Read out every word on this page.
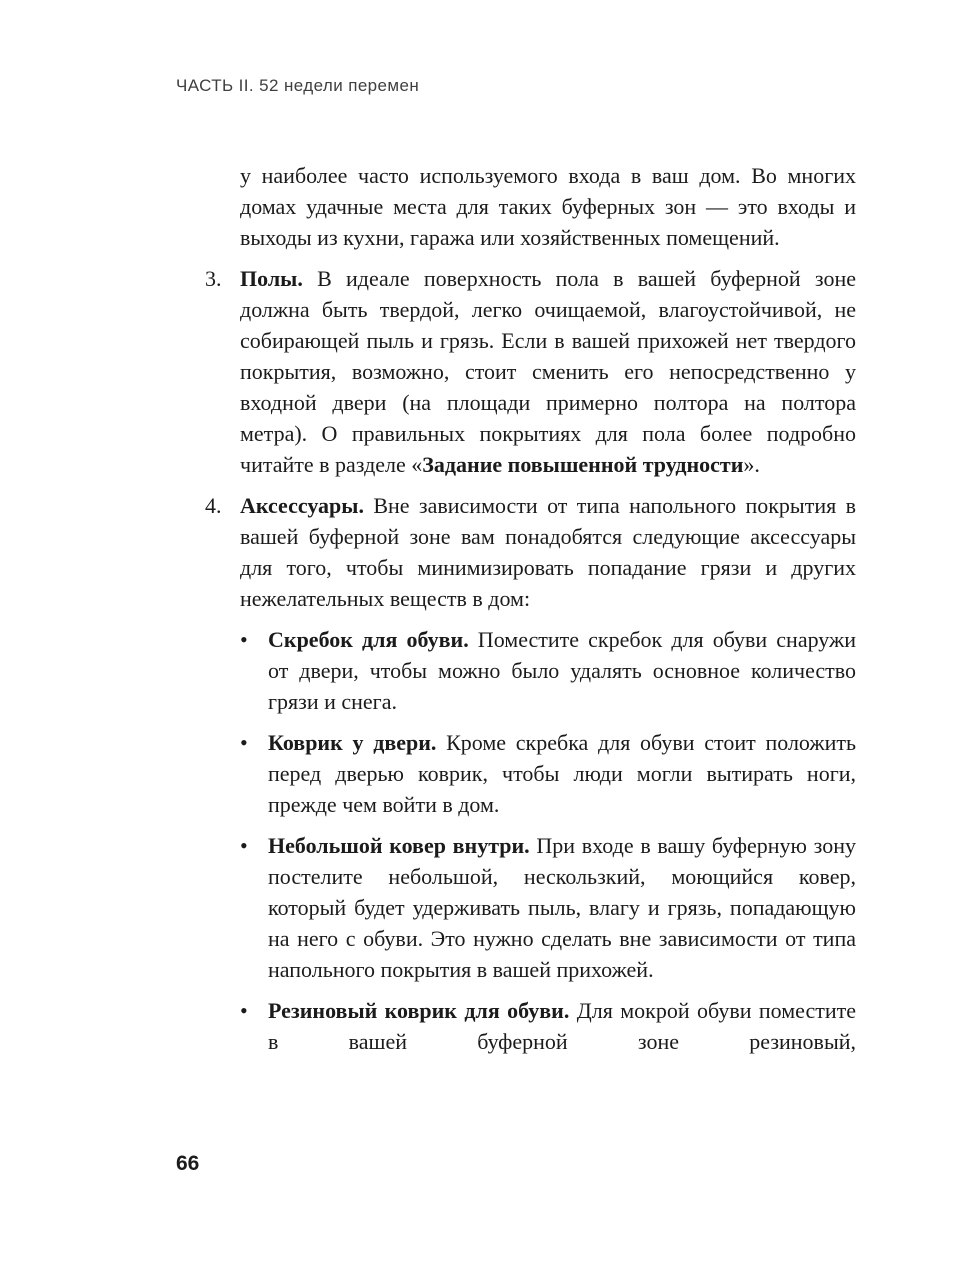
ЧАСТЬ II. 52 недели перемен

у наиболее часто используемого входа в ваш дом. Во многих домах удачные места для таких буферных зон — это входы и выходы из кухни, гаража или хозяйственных помещений.

3. Полы. В идеале поверхность пола в вашей буферной зоне должна быть твердой, легко очищаемой, влагоустойчивой, не собирающей пыль и грязь. Если в вашей прихожей нет твердого покрытия, возможно, стоит сменить его непосредственно у входной двери (на площади примерно полтора на полтора метра). О правильных покрытиях для пола более подробно читайте в разделе «Задание повышенной трудности».
4. Аксессуары. Вне зависимости от типа напольного покрытия в вашей буферной зоне вам понадобятся следующие аксессуары для того, чтобы минимизировать попадание грязи и других нежелательных веществ в дом:
• Скребок для обуви. Поместите скребок для обуви снаружи от двери, чтобы можно было удалять основное количество грязи и снега.
• Коврик у двери. Кроме скребка для обуви стоит положить перед дверью коврик, чтобы люди могли вытирать ноги, прежде чем войти в дом.
• Небольшой ковер внутри. При входе в вашу буферную зону постелите небольшой, нескользкий, моющийся ковер, который будет удерживать пыль, влагу и грязь, попадающую на него с обуви. Это нужно сделать вне зависимости от типа напольного покрытия в вашей прихожей.
• Резиновый коврик для обуви. Для мокрой обуви поместите в вашей буферной зоне резиновый,
66
